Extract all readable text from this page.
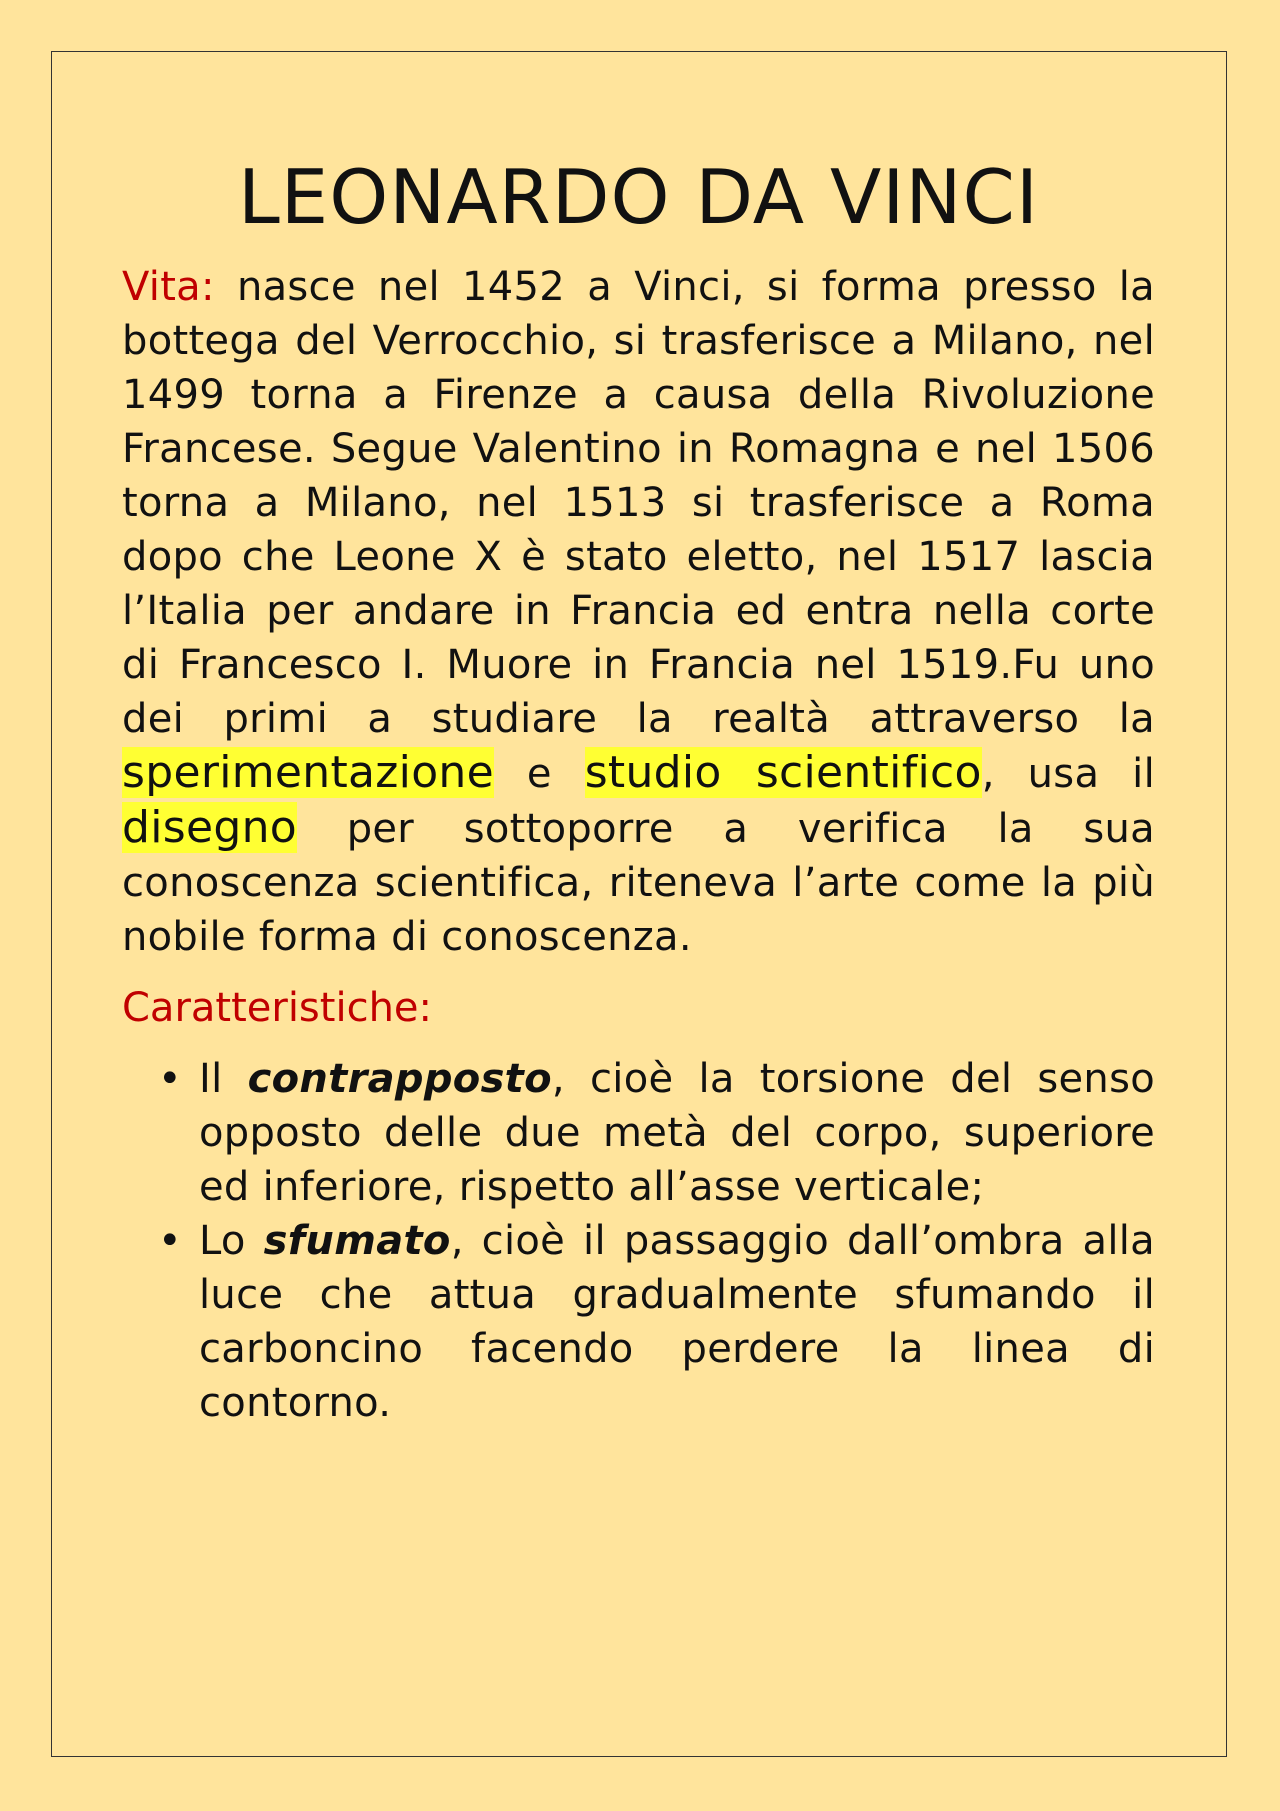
LEONARDO DA VINCI

Vita: nasce nel 1452 a Vinci, si forma presso la bottega del Verrocchio, si trasferisce a Milano, nel 1499 torna a Firenze a causa della Rivoluzione Francese. Segue Valentino in Romagna e nel 1506 torna a Milano, nel 1513 si trasferisce a Roma dopo che Leone X è stato eletto, nel 1517 lascia l’Italia per andare in Francia ed entra nella corte di Francesco I. Muore in Francia nel 1519.Fu uno dei primi a studiare la realtà attraverso la sperimentazione e studio scientifico, usa il disegno per sottoporre a verifica la sua conoscenza scientifica, riteneva l’arte come la più nobile forma di conoscenza.

Caratteristiche:

• Il contrapposto, cioè la torsione del senso opposto delle due metà del corpo, superiore ed inferiore, rispetto all’asse verticale;
• Lo sfumato, cioè il passaggio dall’ombra alla luce che attua gradualmente sfumando il carboncino facendo perdere la linea di contorno.
